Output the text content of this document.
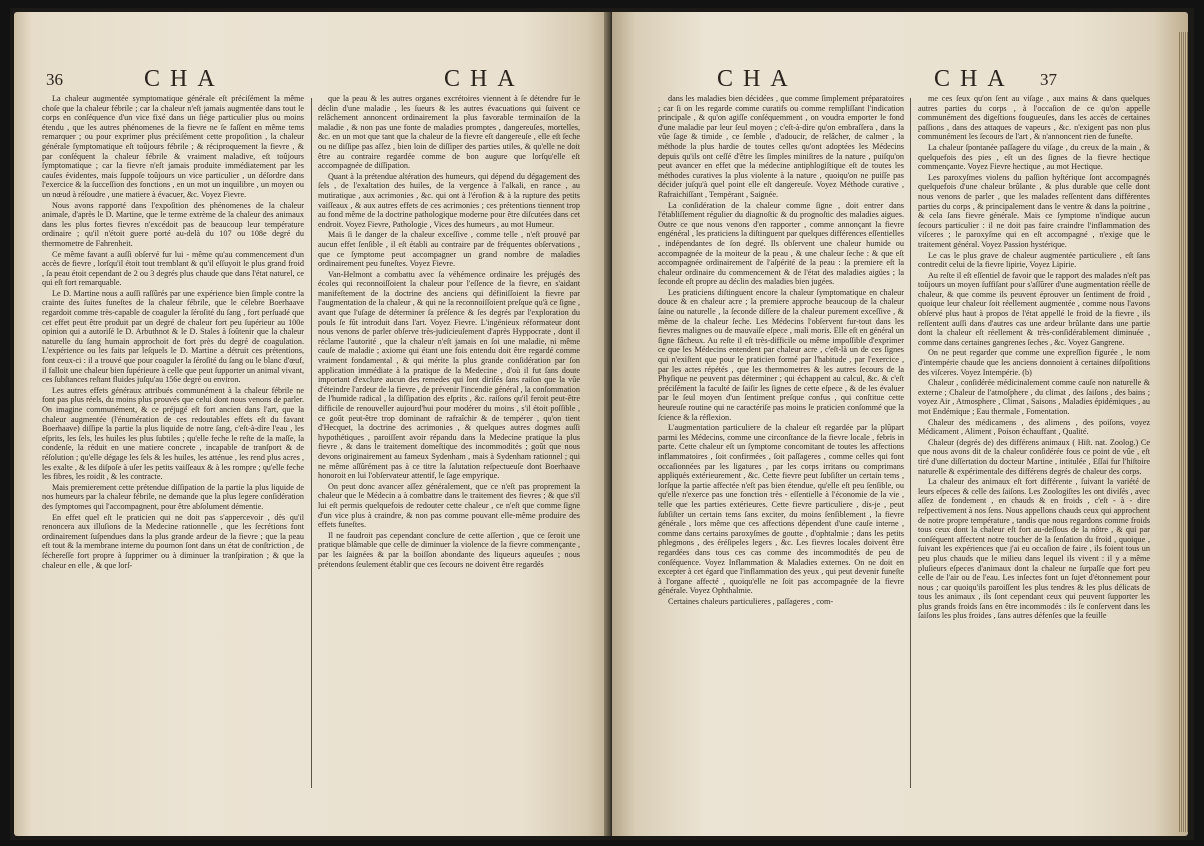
36	CHA	CHA

La chaleur augmentée symptomatique générale eſt préciſément la même choſe que la chaleur fébrile ; car la chaleur n'eſt jamais augmentée dans tout le corps en conſéquence d'un vice fixé dans un ſiége particulier plus ou moins étendu , que les autres phénomenes de la fievre ne ſe faſſent en même tems remarquer ; ou pour exprimer plus préciſément cette propoſition , la chaleur générale ſymptomatique eſt toûjours fébrile ; & réciproquement la fievre , & par conſéquent la chaleur fébrile & vraiment maladive, eſt toûjours ſymptomatique ; car la fievre n'eſt jamais produite immédiatement par les cauſes évidentes, mais ſuppoſe toûjours un vice particulier , un déſordre dans l'exercice & la ſucceſſion des fonctions , en un mot un inquilibre , un moyen ou un nœud à réſoudre , une matiere à évacuer, &c. Voyez Fievre.

Nous avons rapporté dans l'expoſition des phénomenes de la chaleur animale, d'après le D. Martine, que le terme extrème de la chaleur des animaux dans les plus fortes fievres n'excédoit pas de beaucoup leur température ordinaire ; qu'il n'étoit guere porté au-delà du 107 ou 108e degré du thermometre de Fahrenheit.

Ce même favant a auſſi obſervé fur lui - même qu'au commencement d'un accès de fievre , lorſqu'il étoit tout tremblant & qu'il eſſuyoit le plus grand froid , ſa peau étoit cependant de 2 ou 3 degrés plus chaude que dans l'état naturel, ce qui eſt fort remarquable.

Le D. Martine nous a auſſi raſſûrés par une expérience bien ſimple contre la crainte des ſuites funeſtes de la chaleur fébrile, que le célebre Boerhaave regardoit comme très-capable de coaguler la ſéroſité du ſang , fort perſuadé que cet effet peut être produit par un degré de chaleur fort peu ſupérieur au 100e opinion qui a autoriſé le D. Arbuthnot & le D. Stales à ſoûtenir que la chaleur naturelle du ſang humain approchoit de fort près du degré de coagulation. L'expérience ou les faits par leſquels le D. Martine a détruit ces prétentions, font ceux-ci : il a trouvé que pour coaguler la ſéroſité du ſang ou le blanc d'œuf, il falloit une chaleur bien ſupérieure à celle que peut ſupporter un animal vivant, ces ſubſtances reſtant fluides juſqu'au 156e degré ou environ.

Les autres effets généraux attribués communément à la chaleur fébrile ne font pas plus réels, du moins plus prouvés que celui dont nous venons de parler. On imagine communément, & ce préjugé eſt fort ancien dans l'art, que la chaleur augmentée (l'énumération de ces redoutables effets eſt du favant Boerhaave) diſſipe la partie la plus liquide de notre ſang, c'eſt-à-dire l'eau , les eſprits, les ſels, les huiles les plus ſubtiles ; qu'elle feche le reſte de la maſſe, la condenſe, la réduit en une matiere concrete , incapable de tranſport & de réſolution ; qu'elle dégage les ſels & les huiles, les atténue , les rend plus acres , les exalte , & les diſpoſe à uſer les petits vaiſſeaux & à les rompre ; qu'elle feche les fibres, les roidit , & les contracte.

Mais premierement cette prétendue diſſipation de la partie la plus liquide de nos humeurs par la chaleur fébrile, ne demande que la plus legere conſidération des ſymptomes qui l'accompagnent, pour être abſolument démentie.

En effet quel eſt le praticien qui ne doit pas s'appercevoir , dès qu'il renoncera aux illuſions de la Medecine rationnelle , que les ſecrétions font ordinairement ſuſpendues dans la plus grande ardeur de la fievre ; que la peau eſt tout & la membrane interne du poumon ſont dans un état de conſtriction , de ſéchereſſe fort propre à ſupprimer ou à diminuer la tranſpiration ; & que la chaleur en elle , & que lorſ-

que la peau & les autres organes excrétoires viennent à ſe détendre fur le déclin d'une maladie , les ſueurs & les autres évacuations qui ſuivent ce relâchement annoncent ordinairement la plus favorable terminaiſon de la maladie , & non pas une fonte de maladies promptes , dangereuſes, mortelles, &c. en un mot que tant que la chaleur de la fievre eſt dangereuſe , elle eſt ſeche ou ne diſſipe pas aſſez , bien loin de diſſiper des parties utiles, & qu'elle ne doit être au contraire regardée comme de bon augure que lorſqu'elle eſt accompagnée de diſſipation.

Quant à la prétendue altération des humeurs, qui dépend du dégagement des ſels , de l'exaltation des huiles, de la vergence à l'alkali, en rance , au mutiratique , aux acrimonies , &c. qui ont à l'érofion & à la rupture des petits vaiſſeaux , & aux autres effets de ces acrimonies ; ces prétentions tiennent trop au fond même de la doctrine pathologique moderne pour être diſcutées dans cet endroit. Voyez Fievre, Pathologie , Vices des humeurs , au mot Humeur.

Mais ſi le danger de la chaleur exceſſive , comme telle , n'eſt prouvé par aucun effet ſenſible , il eſt établi au contraire par de fréquentes obſervations , que ce ſymptome peut accompagner un grand nombre de maladies ordinairement peu funeſtes. Voyez Fievre.

Van-Helmont a combattu avec ſa véhémence ordinaire les préjugés des écoles qui reconnoiſſoient la chaleur pour l'eſſence de la fievre, en s'aidant manifeſtement de la doctrine des anciens qui définiſſoient la fievre par l'augmentation de la chaleur , & qui ne la reconnoiſſoient preſque qu'à ce ſigne , avant que l'uſage de déterminer ſa préſence & ſes degrés par l'exploration du pouls ſe fût introduit dans l'art. Voyez Fievre. L'ingénieux réformateur dont nous venons de parler obſerve très-judicieuſement d'après Hyppocrate , dont il réclame l'autorité , que la chaleur n'eſt jamais en ſoi une maladie, ni même cauſe de maladie ; axiome qui étant une fois entendu doit être regardé comme vraiment fondamental , & qui mérite la plus grande conſidération par ſon application immédiate à la pratique de la Medecine , d'où il fut ſans doute important d'exclure aucun des remedes qui ſont diriſés ſans raiſon que la vûe d'éteindre l'ardeur de la fievre , de prévenir l'incendie général , la conſommation de l'humide radical , la diſſipation des eſprits , &c. raiſons qu'il feroit peut-être difficile de renouveller aujourd'hui pour modérer du moins , s'il étoit poſſible , ce goût peut-être trop dominant de rafraîchir & de tempérer , qu'on tient d'Hecquet, la doctrine des acrimonies , & quelques autres dogmes auſſi hypothétiques , paroiſſent avoir répandu dans la Medecine pratique la plus fievre , & dans le traitement domeſtique des incommodités ; goût que nous devons originairement au fameux Sydenham , mais à Sydenham rationnel ; qui ne même aſſûrément pas à ce titre la ſalutation reſpectueuſe dont Boerhaave honoroit en lui l'obſervateur attentif, le ſage empyrique.

On peut donc avancer aſſez généralement, que ce n'eſt pas proprement la chaleur que le Médecin a à combattre dans le traitement des fievres ; & que s'il lui eſt permis quelquefois de redouter cette chaleur , ce n'eſt que comme ſigne d'un vice plus à craindre, & non pas comme pouvant elle-même produire des effets funeſtes.

Il ne faudroit pas cependant conclure de cette aſſertion , que ce ſeroit une pratique blâmable que celle de diminuer la violence de la fievre commençante , par les ſaignées & par la boiſſon abondante des liqueurs aqueuſes ; nous prétendons ſeulement établir que ces ſecours ne doivent être regardés

CHA	CHA 37

dans les maladies bien décidées , que comme ſimplement préparatoires ; car ſi on les regarde comme curatifs ou comme rempliſſant l'indication principale , & qu'on agiſſe conſéquemment , on voudra emporter le fond d'une maladie par leur ſeul moyen ; c'eſt-à-dire qu'on embraſſera , dans la vûe ſage & timide , ce ſemble , d'adoucir, de relâcher, de calmer , la méthode la plus hardie de toutes celles qu'ont adoptées les Médecins depuis qu'ils ont ceſſé d'être les ſimples miniſtres de la nature , puiſqu'on peut avancer en effet que la médecine antiphlogiſtique eſt de toutes les méthodes curatives la plus violente à la nature , quoiqu'on ne puiſſe pas décider juſqu'à quel point elle eſt dangereuſe. Voyez Méthode curative , Rafraichiſſant , Tempérant , Saignée.

La conſidération de la chaleur comme ſigne , doit entrer dans l'établiſſement régulier du diagnoſtic & du prognoſtic des maladies aigues. Outre ce que nous venons d'en rapporter , comme annonçant la fievre engénéral , les praticiens la diſtinguent par quelques différences eſſentielles , indépendantes de ſon degré. Ils obſervent une chaleur humide ou accompagnée de la moiteur de la peau , & une chaleur ſeche : & que eſt accompagnée ordinairement de l'aſpérité de la peau : la premiere eſt la chaleur ordinaire du commencement & de l'état des maladies aigües ; la ſeconde eſt propre au déclin des maladies bien jugées.

Les praticiens diſtinguent encore la chaleur ſymptomatique en chaleur douce & en chaleur acre ; la premiere approche beaucoup de la chaleur ſaine ou naturelle , la ſeconde diſſere de la chaleur purement exceſſive , & même de la chaleur ſeche. Les Médecins l'obſervent fur-tout dans les fievres malignes ou de mauvaiſe eſpece , mali moris. Elle eſt en général un ſigne fâcheux. Au reſte il eſt très-difficile ou même impoſſible d'exprimer ce que les Médecins entendent par chaleur acre , c'eſt-là un de ces ſignes qui n'exiſtent que pour le praticien formé par l'habitude , par l'exercice , par les actes répétés , que les thermometres & les autres ſecours de la Phyſique ne peuvent pas déterminer ; qui échappent au calcul, &c. & c'eſt préciſément la faculté de ſaiſir les ſignes de cette eſpece , & de les évaluer par le ſeul moyen d'un ſentiment preſque confus , qui conſtitue cette heureuſe routine qui ne caractériſe pas moins le praticien conſommé que la ſcience & la réflexion.

L'augmentation particuliere de la chaleur eſt regardée par la plûpart parmi les Médecins, comme une circonſtance de la fievre locale , febris in parte. Cette chaleur eſt un ſymptome concomitant de toutes les affections inflammatoires , ſoit confirmées , ſoit paſſageres , comme celles qui font occaſionnées par les ligatures , par les corps irritans ou comprimans appliqués extérieurement , &c. Cette fievre peut ſubſiſter un certain tems , lorſque la partie affectée n'eſt pas bien étendue, qu'elle eſt peu ſenſible, ou qu'elle n'exerce pas une fonction très - eſſentielle à l'économie de la vie , telle que les parties extérieures. Cette fievre particuliere , dis-je , peut ſubſiſter un certain tems ſans exciter, du moins ſenſiblement , la fievre générale , lors même que ces affections dépendent d'une cauſe interne , comme dans certains paroxyſmes de goutte , d'ophtalmie ; dans les petits phlegmons , des éréſipeles legers , &c. Les fievres locales doivent être regardées dans tous ces cas comme des incommodités de peu de conſéquence. Voyez Inflammation & Maladies externes. On ne doit en excepter à cet égard que l'inflammation des yeux , qui peut devenir funeſte à l'organe affecté , quoiqu'elle ne ſoit pas accompagnée de la fievre générale. Voyez Ophthalmie.

Certaines chaleurs particulieres , paſſageres , com-

me ces ſeux qu'on ſent au viſage , aux mains & dans quelques autres parties du corps , à l'occaſion de ce qu'on appelle communément des digeſtions fougueuſes, dans les accès de certaines paſſions , dans des attaques de vapeurs , &c. n'exigent pas non plus communément les ſecours de l'art , & n'annoncent rien de funeſte.

La chaleur ſpontanée paſſagere du viſage , du creux de la main , & quelquefois des pies , eſt un des ſignes de la fievre hectique commençante. Voyez Fievre hectique , au mot Hectique.

Les paroxyſmes violens du paſſion hyſtérique ſont accompagnés quelquefois d'une chaleur brûlante , & plus durable que celle dont nous venons de parler , que les malades reſſentent dans différentes parties du corps , & principalement dans le ventre & dans la poitrine , & cela ſans fievre générale. Mais ce ſymptome n'indique aucun ſecours particulier : il ne doit pas faire craindre l'inflammation des viſceres ; le paroxyſme qui en eſt accompagné , n'exige que le traitement général. Voyez Passion hystérique.

Le cas le plus grave de chaleur augmentée particuliere , eſt ſans contredit celui de la fievre lipirie, Voyez Lipirie.

Au reſte il eſt eſſentiel de favoir que le rapport des malades n'eſt pas toûjours un moyen ſuffiſant pour s'aſſûrer d'une augmentation réelle de chaleur, & que comme ils peuvent éprouver un ſentiment de froid , quoique leur chaleur ſoit réellement augmentée , comme nous l'avons obſervé plus haut à propos de l'état appellé le froid de la fievre , ils reſſentent auſſi dans d'autres cas une ardeur brûlante dans une partie dont la chaleur eſt réellement & très-conſidérablement diminuée , comme dans certaines gangrenes ſeches , &c. Voyez Gangrene.

On ne peut regarder que comme une expreſſion figurée , le nom d'intempérie chaude que les anciens donnoient à certaines diſpoſitions des viſceres. Voyez Intempérie. (b)

Chaleur , conſidérée médicinalement comme cauſe non naturelle & externe ; Chaleur de l'atmoſphere , du climat , des ſaiſons , des bains ; voyez Air , Atmosphere , Climat , Saisons , Maladies épidémiques , au mot Endémique ; Eau thermale , Fomentation.

Chaleur des médicamens , des alimens , des poiſons, voyez Médicament , Aliment , Poison échauffant , Qualité.

Chaleur (degrés de) des différens animaux ( Hiſt. nat. Zoolog.) Ce que nous avons dit de la chaleur conſidérée fous ce point de vûe , eſt tiré d'une diſſertation du docteur Martine , intitulée , Eſſai fur l'hiſtoire naturelle & expérimentale des différens degrés de chaleur des corps.

La chaleur des animaux eſt fort différente , ſuivant la variété de leurs eſpeces & celle des ſaiſons. Les Zoologiſtes les ont diviſés , avec aſſez de fondement , en chauds & en froids , c'eſt - à - dire reſpectivement à nos ſens. Nous appellons chauds ceux qui approchent de notre propre température , tandis que nous regardons comme froids tous ceux dont la chaleur eſt fort au-deſſous de la nôtre , & qui par conſéquent affectent notre toucher de la ſenſation du froid , quoique , ſuivant les expériences que j'ai eu occaſion de faire , ils foient tous un peu plus chauds que le milieu dans lequel ils vivent : il y a même pluſieurs eſpeces d'animaux dont la chaleur ne ſurpaſſe que fort peu celle de l'air ou de l'eau. Les inſectes font un ſujet d'étonnement pour nous ; car quoiqu'ils paroiſſent les plus tendres & les plus délicats de tous les animaux , ils ſont cependant ceux qui peuvent ſupporter les plus grands froids ſans en être incommodés : ils ſe conſervent dans les ſaiſons les plus froides , ſans autres défenſes que la feuille
